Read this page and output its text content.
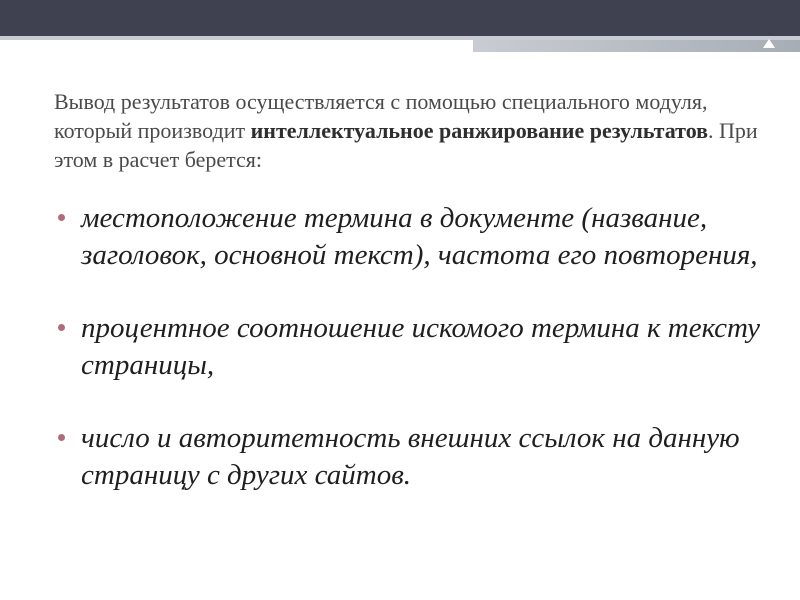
Вывод результатов осуществляется с помощью специального модуля, который производит интеллектуальное ранжирование результатов. При этом в расчет берется:

местоположение термина в документе (название, заголовок, основной текст), частота его повторения,
процентное соотношение искомого термина к тексту страницы,
число и авторитетность внешних ссылок на данную страницу с других сайтов.
